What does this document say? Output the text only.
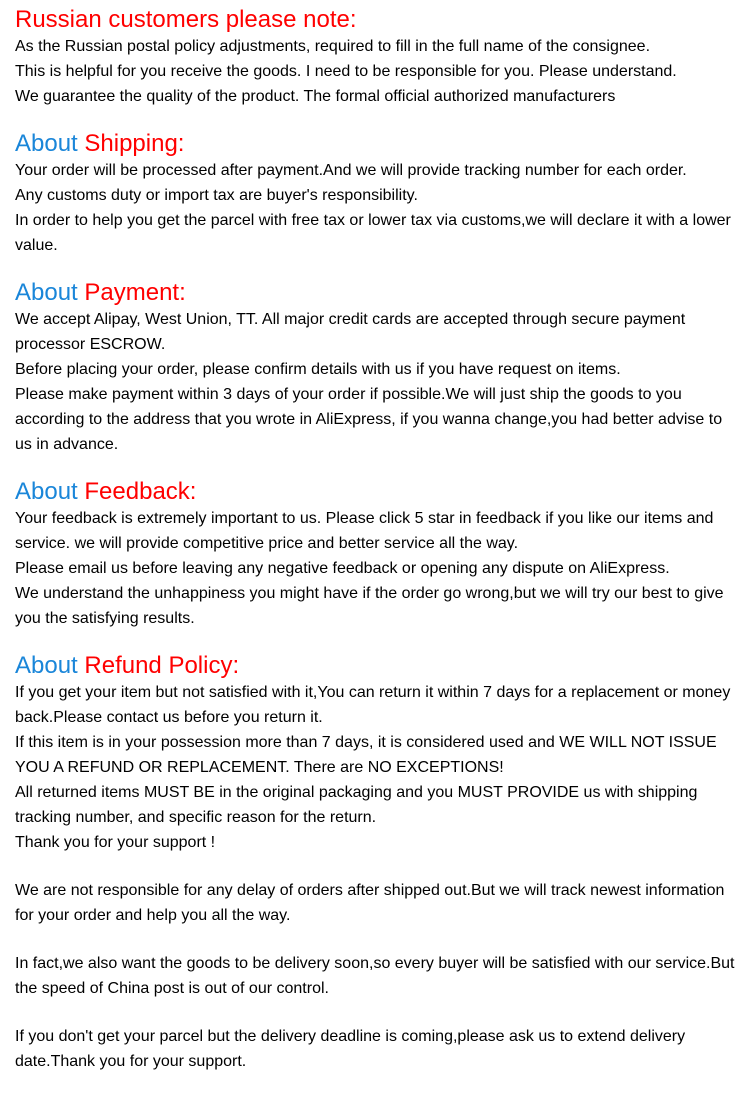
Russian customers please note:

As the Russian postal policy adjustments, required to fill in the full name of the consignee.

This is helpful for you receive the goods. I need to be responsible for you. Please understand.

We guarantee the quality of the product. The formal official authorized manufacturers

About Shipping:

Your order will be processed after payment.And we will provide tracking number for each order.

Any customs duty or import tax are buyer's responsibility.

In order to help you get the parcel with free tax or lower tax via customs,we will declare it with a lower value.

About Payment:

We accept Alipay, West Union, TT. All major credit cards are accepted through secure payment processor ESCROW.

Before placing your order, please confirm details with us if you have request on items.

Please make payment within 3 days of your order if possible.We will just ship the goods to you according to the address that you wrote in AliExpress, if you wanna change,you had better advise to us in advance.

About Feedback:

Your feedback is extremely important to us. Please click 5 star in feedback if you like our items and service. we will provide competitive price and better service all the way.

Please email us before leaving any negative feedback or opening any dispute on AliExpress.

We understand the unhappiness you might have if the order go wrong,but we will try our best to give you the satisfying results.

About Refund Policy:

If you get your item but not satisfied with it,You can return it within 7 days for a replacement or money back.Please contact us before you return it.

If this item is in your possession more than 7 days, it is considered used and WE WILL NOT ISSUE YOU A REFUND OR REPLACEMENT. There are NO EXCEPTIONS!

All returned items MUST BE in the original packaging and you MUST PROVIDE us with shipping tracking number, and specific reason for the return.

Thank you for your support !

We are not responsible for any delay of orders after shipped out.But we will track newest information for your order and help you all the way.

In fact,we also want the goods to be delivery soon,so every buyer will be satisfied with our service.But the speed of China post is out of our control.

If you don't get your parcel but the delivery deadline is coming,please ask us to extend delivery date.Thank you for your support.
